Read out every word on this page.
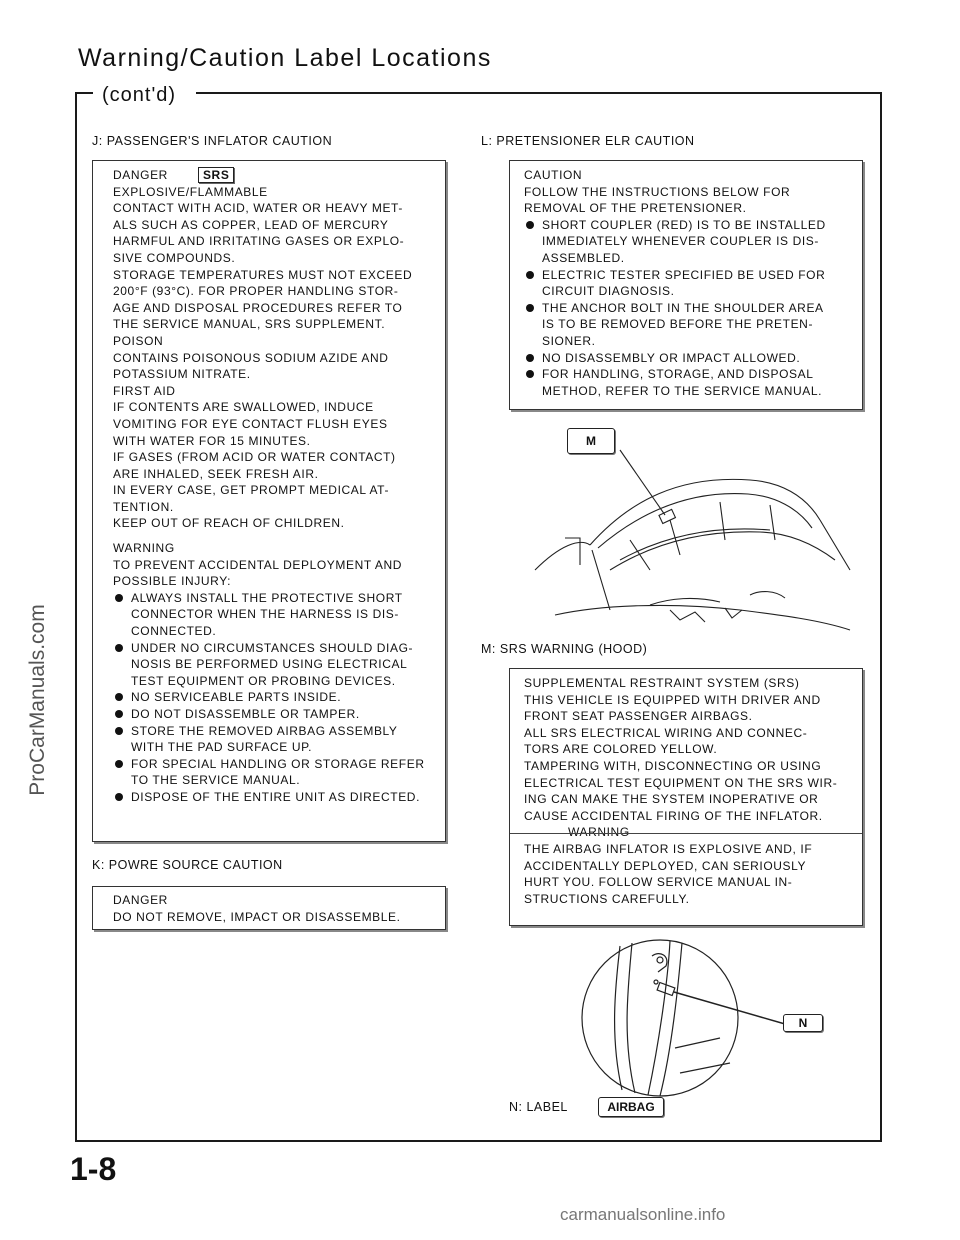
Warning/Caution Label Locations
(cont'd)
ProCarManuals.com
J: PASSENGER'S INFLATOR CAUTION
DANGER	SRS
EXPLOSIVE/FLAMMABLE
CONTACT WITH ACID, WATER OR HEAVY MET-
ALS SUCH AS COPPER, LEAD OF MERCURY
HARMFUL AND IRRITATING GASES OR EXPLO-
SIVE COMPOUNDS.
STORAGE TEMPERATURES MUST NOT EXCEED
200°F (93°C). FOR PROPER HANDLING STOR-
AGE AND DISPOSAL PROCEDURES REFER TO
THE SERVICE MANUAL, SRS SUPPLEMENT.
POISON
CONTAINS POISONOUS SODIUM AZIDE AND
POTASSIUM NITRATE.
FIRST AID
IF CONTENTS ARE SWALLOWED, INDUCE
VOMITING FOR EYE CONTACT FLUSH EYES
WITH WATER FOR 15 MINUTES.
IF GASES (FROM ACID OR WATER CONTACT)
ARE INHALED, SEEK FRESH AIR.
IN EVERY CASE, GET PROMPT MEDICAL AT-
TENTION.
KEEP OUT OF REACH OF CHILDREN.
WARNING
TO PREVENT ACCIDENTAL DEPLOYMENT AND
POSSIBLE INJURY:
ALWAYS INSTALL THE PROTECTIVE SHORT
CONNECTOR WHEN THE HARNESS IS DIS-
CONNECTED.
UNDER NO CIRCUMSTANCES SHOULD DIAG-
NOSIS BE PERFORMED USING ELECTRICAL
TEST EQUIPMENT OR PROBING DEVICES.
NO SERVICEABLE PARTS INSIDE.
DO NOT DISASSEMBLE OR TAMPER.
STORE THE REMOVED AIRBAG ASSEMBLY
WITH THE PAD SURFACE UP.
FOR SPECIAL HANDLING OR STORAGE REFER
TO THE SERVICE MANUAL.
DISPOSE OF THE ENTIRE UNIT AS DIRECTED.
K: POWRE SOURCE CAUTION
DANGER
DO NOT REMOVE, IMPACT OR DISASSEMBLE.
L: PRETENSIONER ELR CAUTION
CAUTION
FOLLOW THE INSTRUCTIONS BELOW FOR
REMOVAL OF THE PRETENSIONER.
SHORT COUPLER (RED) IS TO BE INSTALLED
IMMEDIATELY WHENEVER COUPLER IS DIS-
ASSEMBLED.
ELECTRIC TESTER SPECIFIED BE USED FOR
CIRCUIT DIAGNOSIS.
THE ANCHOR BOLT IN THE SHOULDER AREA
IS TO BE REMOVED BEFORE THE PRETEN-
SIONER.
NO DISASSEMBLY OR IMPACT ALLOWED.
FOR HANDLING, STORAGE, AND DISPOSAL
METHOD, REFER TO THE SERVICE MANUAL.
M
M: SRS WARNING (HOOD)
SUPPLEMENTAL RESTRAINT SYSTEM (SRS)
THIS VEHICLE IS EQUIPPED WITH DRIVER AND
FRONT SEAT PASSENGER AIRBAGS.
ALL SRS ELECTRICAL WIRING AND CONNEC-
TORS ARE COLORED YELLOW.
TAMPERING WITH, DISCONNECTING OR USING
ELECTRICAL TEST EQUIPMENT ON THE SRS WIR-
ING CAN MAKE THE SYSTEM INOPERATIVE OR
CAUSE ACCIDENTAL FIRING OF THE INFLATOR.
WARNING
THE AIRBAG INFLATOR IS EXPLOSIVE AND, IF
ACCIDENTALLY DEPLOYED, CAN SERIOUSLY
HURT YOU. FOLLOW SERVICE MANUAL IN-
STRUCTIONS CAREFULLY.
N
N: LABEL	AIRBAG
1-8
carmanualsonline.info
